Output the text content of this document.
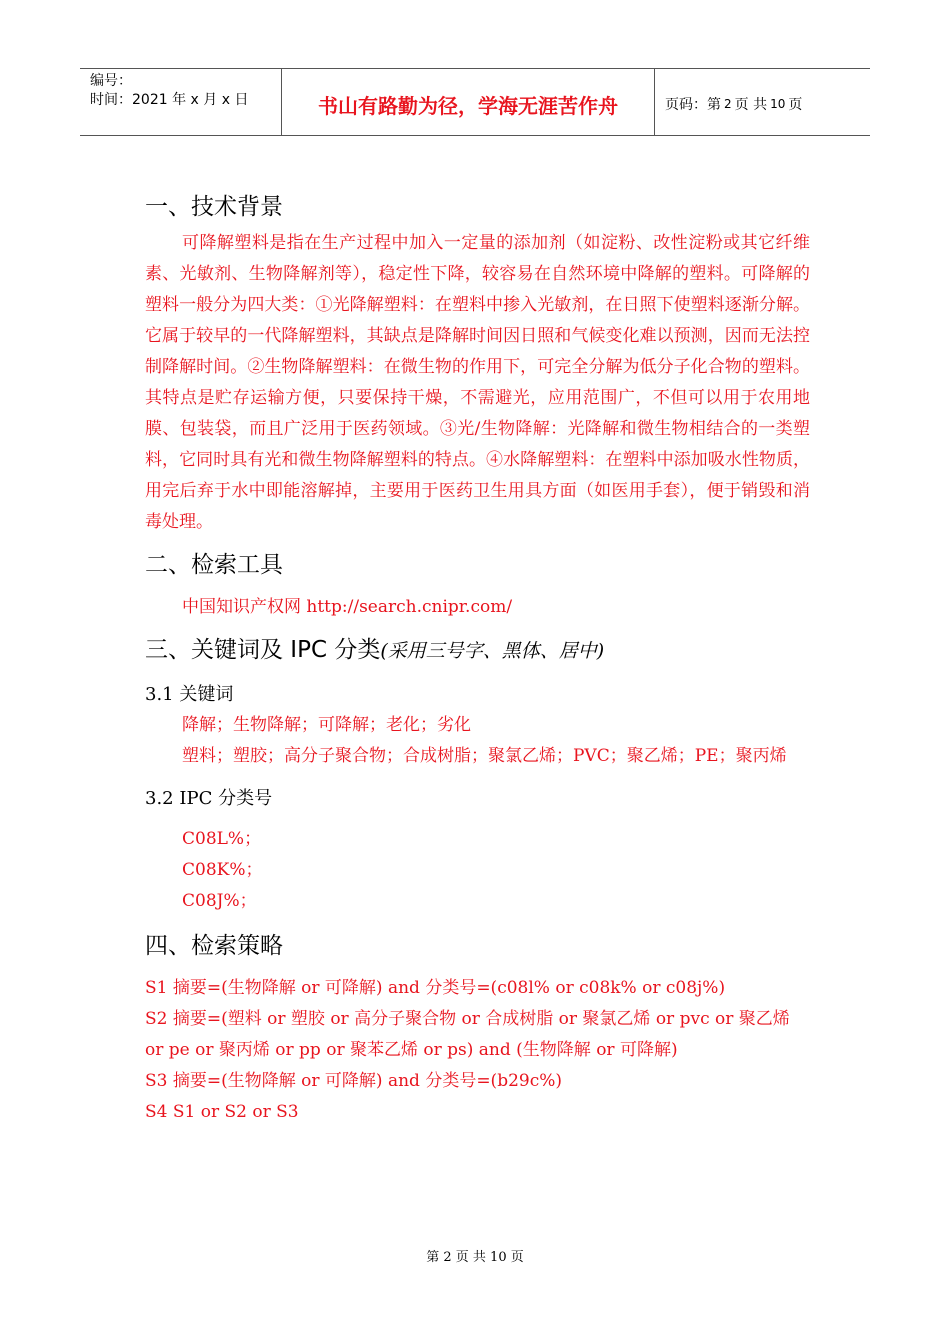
编号：
时间：2021 年 x 月 x 日	书山有路勤为径，学海无涯苦作舟	页码：第 2 页 共 10 页
一、技术背景

可降解塑料是指在生产过程中加入一定量的添加剂（如淀粉、改性淀粉或其它纤维素、光敏剂、生物降解剂等），稳定性下降，较容易在自然环境中降解的塑料。可降解的塑料一般分为四大类：①光降解塑料：在塑料中掺入光敏剂，在日照下使塑料逐渐分解。它属于较早的一代降解塑料，其缺点是降解时间因日照和气候变化难以预测，因而无法控制降解时间。②生物降解塑料：在微生物的作用下，可完全分解为低分子化合物的塑料。其特点是贮存运输方便，只要保持干燥，不需避光，应用范围广，不但可以用于农用地膜、包装袋，而且广泛用于医药领域。③光/生物降解：光降解和微生物相结合的一类塑料，它同时具有光和微生物降解塑料的特点。④水降解塑料：在塑料中添加吸水性物质，用完后弃于水中即能溶解掉，主要用于医药卫生用具方面（如医用手套），便于销毁和消毒处理。

二、检索工具

中国知识产权网 http://search.cnipr.com/

三、关键词及 IPC 分类(采用三号字、黑体、居中)

3.1 关键词

降解；生物降解；可降解；老化；劣化

塑料；塑胶；高分子聚合物；合成树脂；聚氯乙烯；PVC；聚乙烯；PE；聚丙烯

3.2 IPC 分类号

C08L%；

C08K%；

C08J%；

四、检索策略

S1 摘要=(生物降解 or 可降解) and 分类号=(c08l% or c08k% or c08j%)

S2 摘要=(塑料 or 塑胶 or 高分子聚合物 or 合成树脂 or 聚氯乙烯 or pvc or 聚乙烯 or pe or 聚丙烯 or pp or 聚苯乙烯 or ps) and (生物降解 or 可降解)

S3 摘要=(生物降解 or 可降解) and 分类号=(b29c%)

S4 S1 or S2 or S3

第 2 页 共 10 页
